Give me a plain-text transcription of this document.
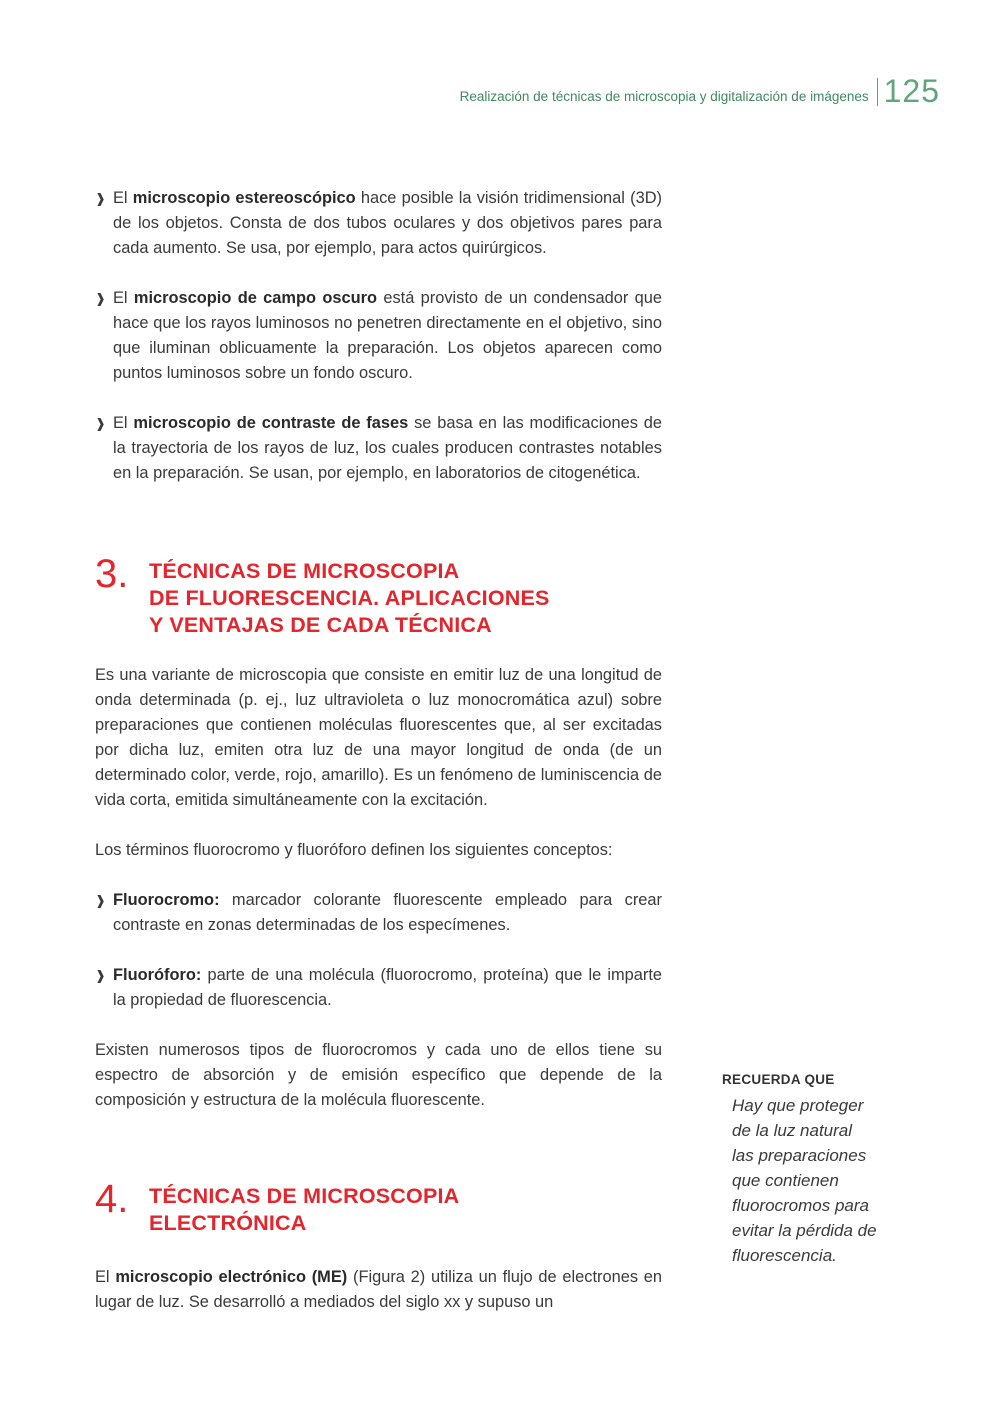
Realización de técnicas de microscopia y digitalización de imágenes 125
❱ El microscopio estereoscópico hace posible la visión tridimensional (3D) de los objetos. Consta de dos tubos oculares y dos objetivos pares para cada aumento. Se usa, por ejemplo, para actos quirúrgicos.

❱ El microscopio de campo oscuro está provisto de un condensador que hace que los rayos luminosos no penetren directamente en el objetivo, sino que iluminan oblicuamente la preparación. Los objetos aparecen como puntos luminosos sobre un fondo oscuro.

❱ El microscopio de contraste de fases se basa en las modificaciones de la trayectoria de los rayos de luz, los cuales producen contrastes notables en la preparación. Se usan, por ejemplo, en laboratorios de citogenética.

3. TÉCNICAS DE MICROSCOPIA
DE FLUORESCENCIA. APLICACIONES
Y VENTAJAS DE CADA TÉCNICA

Es una variante de microscopia que consiste en emitir luz de una longitud de onda determinada (p. ej., luz ultravioleta o luz monocromática azul) sobre preparaciones que contienen moléculas fluorescentes que, al ser excitadas por dicha luz, emiten otra luz de una mayor longitud de onda (de un determinado color, verde, rojo, amarillo). Es un fenómeno de luminiscencia de vida corta, emitida simultáneamente con la excitación.

Los términos fluorocromo y fluoróforo definen los siguientes conceptos:

❱ Fluorocromo: marcador colorante fluorescente empleado para crear contraste en zonas determinadas de los especímenes.

❱ Fluoróforo: parte de una molécula (fluorocromo, proteína) que le imparte la propiedad de fluorescencia.

Existen numerosos tipos de fluorocromos y cada uno de ellos tiene su espectro de absorción y de emisión específico que depende de la composición y estructura de la molécula fluorescente.

4. TÉCNICAS DE MICROSCOPIA
ELECTRÓNICA

El microscopio electrónico (ME) (Figura 2) utiliza un flujo de electrones en lugar de luz. Se desarrolló a mediados del siglo xx y supuso un

RECUERDA QUE
Hay que proteger
de la luz natural
las preparaciones
que contienen
fluorocromos para
evitar la pérdida de
fluorescencia.
